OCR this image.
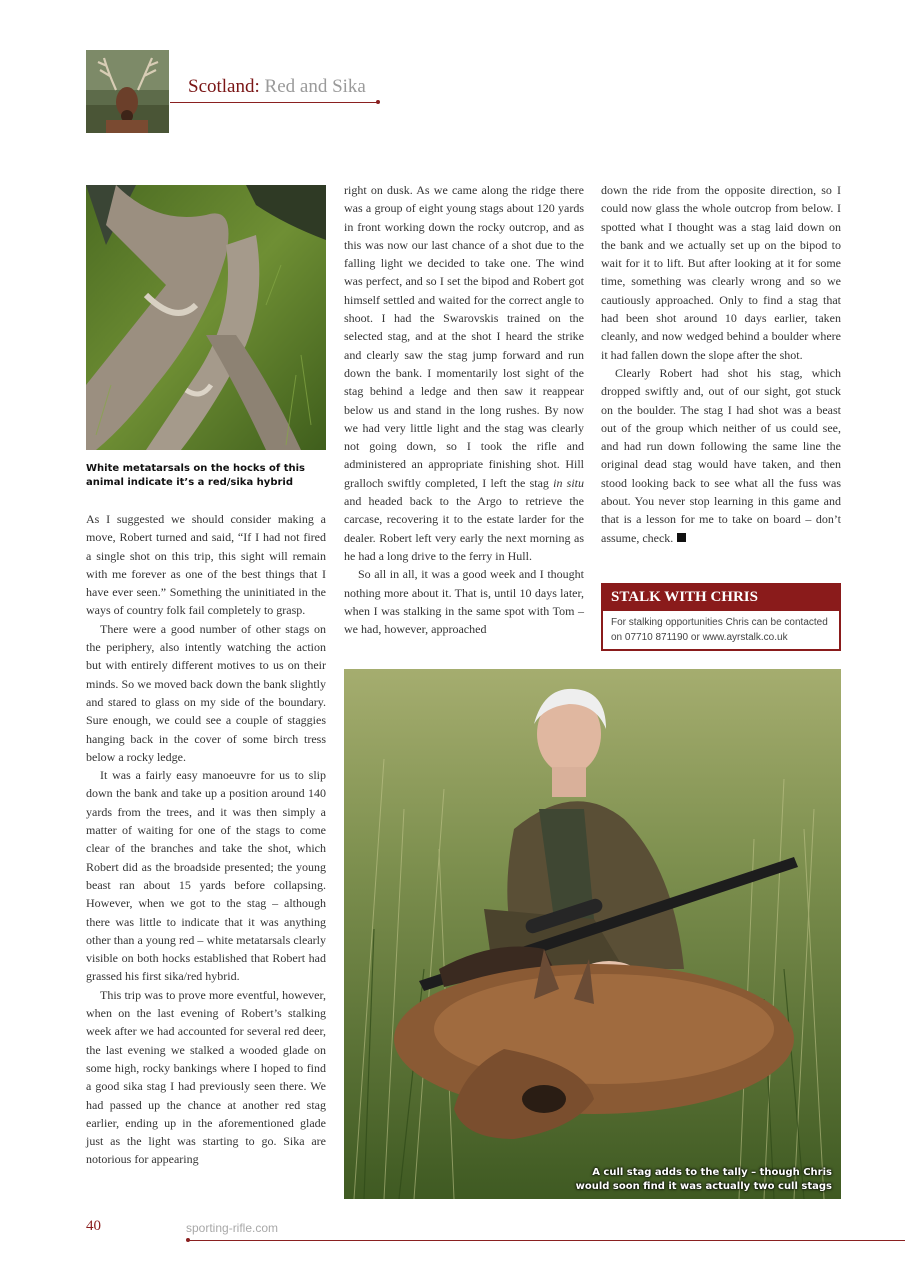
Scotland: Red and Sika
White metatarsals on the hocks of this animal indicate it’s a red/sika hybrid

As I suggested we should consider making a move, Robert turned and said, “If I had not fired a single shot on this trip, this sight will remain with me forever as one of the best things that I have ever seen.” Something the uninitiated in the ways of country folk fail completely to grasp.

There were a good number of other stags on the periphery, also intently watching the action but with entirely different motives to us on their minds. So we moved back down the bank slightly and stared to glass on my side of the boundary. Sure enough, we could see a couple of staggies hanging back in the cover of some birch tress below a rocky ledge.

It was a fairly easy manoeuvre for us to slip down the bank and take up a position around 140 yards from the trees, and it was then simply a matter of waiting for one of the stags to come clear of the branches and take the shot, which Robert did as the broadside presented; the young beast ran about 15 yards before collapsing. However, when we got to the stag – although there was little to indicate that it was anything other than a young red – white metatarsals clearly visible on both hocks established that Robert had grassed his first sika/red hybrid.

This trip was to prove more eventful, however, when on the last evening of Robert’s stalking week after we had accounted for several red deer, the last evening we stalked a wooded glade on some high, rocky bankings where I hoped to find a good sika stag I had previously seen there. We had passed up the chance at another red stag earlier, ending up in the aforementioned glade just as the light was starting to go. Sika are notorious for appearing

right on dusk. As we came along the ridge there was a group of eight young stags about 120 yards in front working down the rocky outcrop, and as this was now our last chance of a shot due to the falling light we decided to take one. The wind was perfect, and so I set the bipod and Robert got himself settled and waited for the correct angle to shoot. I had the Swarovskis trained on the selected stag, and at the shot I heard the strike and clearly saw the stag jump forward and run down the bank. I momentarily lost sight of the stag behind a ledge and then saw it reappear below us and stand in the long rushes. By now we had very little light and the stag was clearly not going down, so I took the rifle and administered an appropriate finishing shot. Hill gralloch swiftly completed, I left the stag in situ and headed back to the Argo to retrieve the carcase, recovering it to the estate larder for the dealer. Robert left very early the next morning as he had a long drive to the ferry in Hull.

So all in all, it was a good week and I thought nothing more about it. That is, until 10 days later, when I was stalking in the same spot with Tom – we had, however, approached

down the ride from the opposite direction, so I could now glass the whole outcrop from below. I spotted what I thought was a stag laid down on the bank and we actually set up on the bipod to wait for it to lift. But after looking at it for some time, something was clearly wrong and so we cautiously approached. Only to find a stag that had been shot around 10 days earlier, taken cleanly, and now wedged behind a boulder where it had fallen down the slope after the shot.

Clearly Robert had shot his stag, which dropped swiftly and, out of our sight, got stuck on the boulder. The stag I had shot was a beast out of the group which neither of us could see, and had run down following the same line the original dead stag would have taken, and then stood looking back to see what all the fuss was about. You never stop learning in this game and that is a lesson for me to take on board – don’t assume, check.

STALK WITH CHRIS
For stalking opportunities Chris can be contacted on 07710 871190 or www.ayrstalk.co.uk
A cull stag adds to the tally – though Chris would soon find it was actually two cull stags
40	sporting-rifle.com
